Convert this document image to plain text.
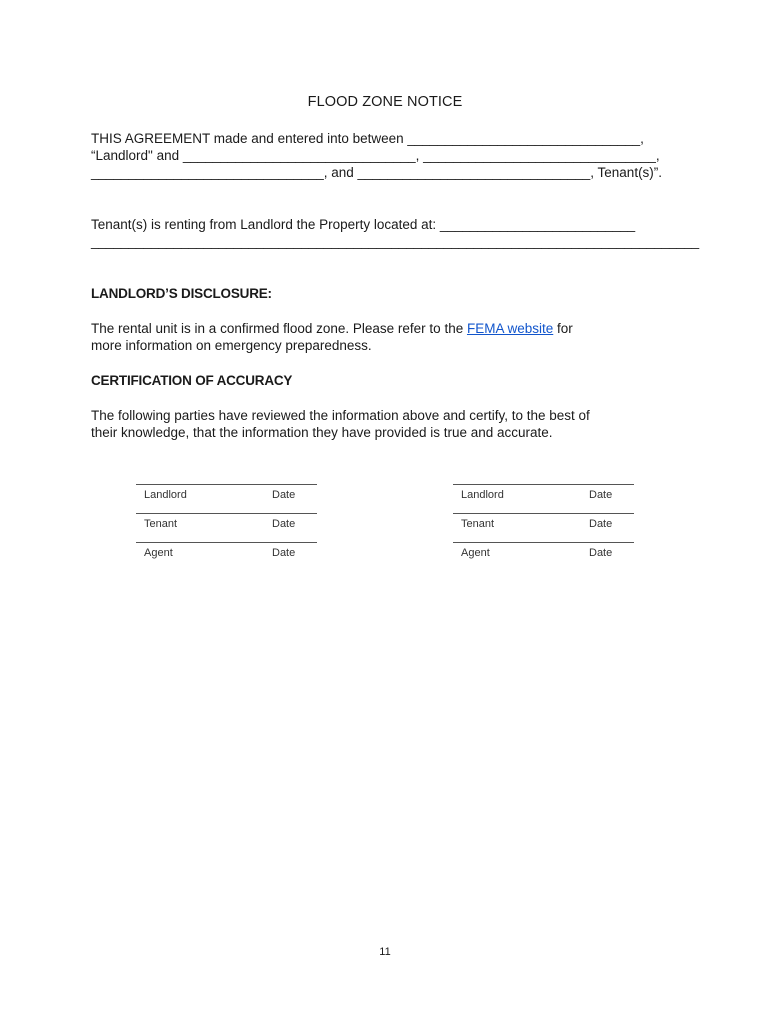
FLOOD ZONE NOTICE
THIS AGREEMENT made and entered into between _______________________________,
“Landlord" and _______________________________, _______________________________,
_______________________________, and _______________________________, Tenant(s)”.
Tenant(s) is renting from Landlord the Property located at: __________________________
_________________________________________________________________________________
LANDLORD’S DISCLOSURE:
The rental unit is in a confirmed flood zone. Please refer to the FEMA website for
more information on emergency preparedness.
CERTIFICATION OF ACCURACY
The following parties have reviewed the information above and certify, to the best of
their knowledge, that the information they have provided is true and accurate.
Landlord	Date
Tenant	Date
Agent	Date
Landlord	Date
Tenant	Date
Agent	Date
11
